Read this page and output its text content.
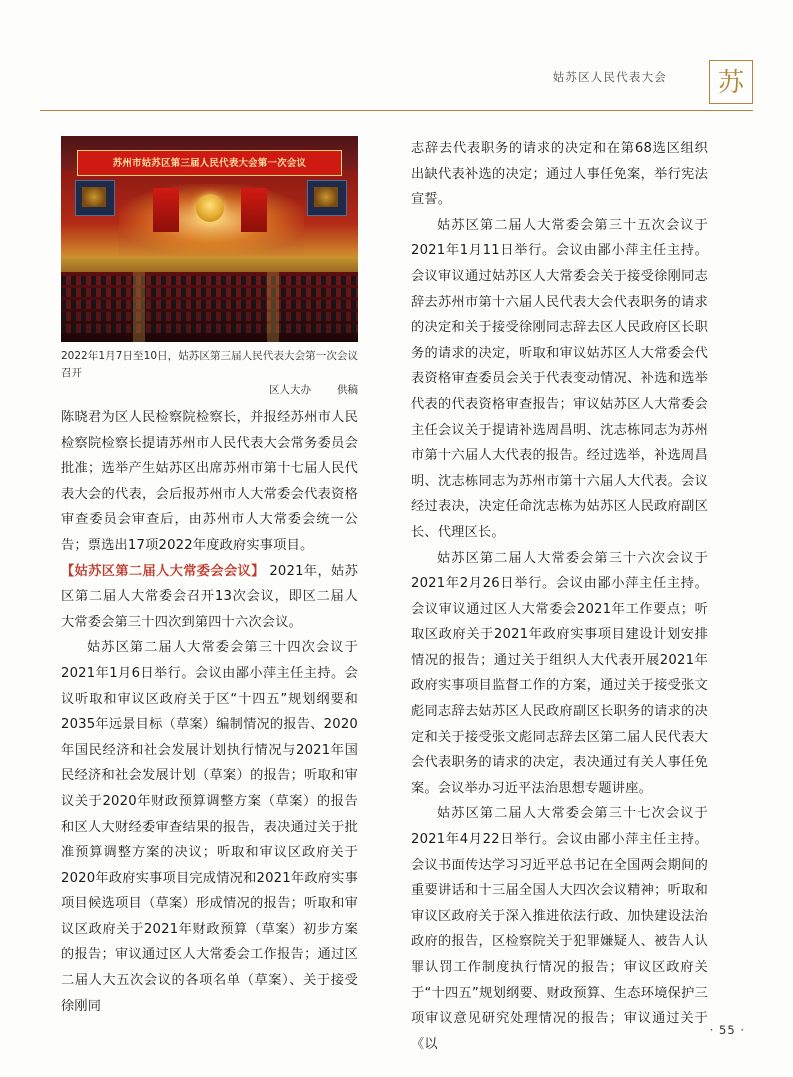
姑苏区人民代表大会	苏
苏州市姑苏区第三届人民代表大会第一次会议
2022年1月7日至10日，姑苏区第三届人民代表大会第一次会议召开
区人大办 供稿

陈晓君为区人民检察院检察长，并报经苏州市人民检察院检察长提请苏州市人民代表大会常务委员会批准；选举产生姑苏区出席苏州市第十七届人民代表大会的代表，会后报苏州市人大常委会代表资格审查委员会审查后，由苏州市人大常委会统一公告；票选出17项2022年度政府实事项目。

【姑苏区第二届人大常委会会议】 2021年，姑苏区第二届人大常委会召开13次会议，即区二届人大常委会第三十四次到第四十六次会议。

姑苏区第二届人大常委会第三十四次会议于2021年1月6日举行。会议由鄙小萍主任主持。会议听取和审议区政府关于区“十四五”规划纲要和2035年远景目标（草案）编制情况的报告、2020年国民经济和社会发展计划执行情况与2021年国民经济和社会发展计划（草案）的报告；听取和审议关于2020年财政预算调整方案（草案）的报告和区人大财经委审查结果的报告，表决通过关于批准预算调整方案的决议；听取和审议区政府关于2020年政府实事项目完成情况和2021年政府实事项目候选项目（草案）形成情况的报告；听取和审议区政府关于2021年财政预算（草案）初步方案的报告；审议通过区人大常委会工作报告；通过区二届人大五次会议的各项名单（草案）、关于接受徐刚同

志辞去代表职务的请求的决定和在第68选区组织出缺代表补选的决定；通过人事任免案，举行宪法宣誓。

姑苏区第二届人大常委会第三十五次会议于2021年1月11日举行。会议由鄙小萍主任主持。会议审议通过姑苏区人大常委会关于接受徐刚同志辞去苏州市第十六届人民代表大会代表职务的请求的决定和关于接受徐刚同志辞去区人民政府区长职务的请求的决定，听取和审议姑苏区人大常委会代表资格审查委员会关于代表变动情况、补选和选举代表的代表资格审查报告；审议姑苏区人大常委会主任会议关于提请补选周昌明、沈志栋同志为苏州市第十六届人大代表的报告。经过选举，补选周昌明、沈志栋同志为苏州市第十六届人大代表。会议经过表决，决定任命沈志栋为姑苏区人民政府副区长、代理区长。

姑苏区第二届人大常委会第三十六次会议于2021年2月26日举行。会议由鄙小萍主任主持。会议审议通过区人大常委会2021年工作要点；听取区政府关于2021年政府实事项目建设计划安排情况的报告；通过关于组织人大代表开展2021年政府实事项目监督工作的方案，通过关于接受张文彪同志辞去姑苏区人民政府副区长职务的请求的决定和关于接受张文彪同志辞去区第二届人民代表大会代表职务的请求的决定，表决通过有关人事任免案。会议举办习近平法治思想专题讲座。

姑苏区第二届人大常委会第三十七次会议于2021年4月22日举行。会议由鄙小萍主任主持。会议书面传达学习习近平总书记在全国两会期间的重要讲话和十三届全国人大四次会议精神；听取和审议区政府关于深入推进依法行政、加快建设法治政府的报告，区检察院关于犯罪嫌疑人、被告人认罪认罚工作制度执行情况的报告；审议区政府关于“十四五”规划纲要、财政预算、生态环境保护三项审议意见研究处理情况的报告；审议通过关于《以

· 55 ·
